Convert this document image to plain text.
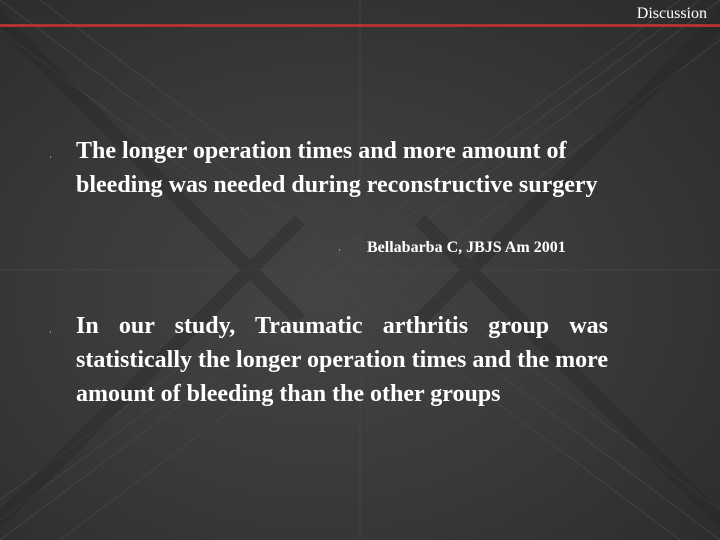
Discussion
· The longer operation times and more amount of bleeding was needed during reconstructive surgery
· Bellabarba C, JBJS Am 2001
· In our study, Traumatic arthritis group was statistically the longer operation times and the more amount of bleeding than the other groups
